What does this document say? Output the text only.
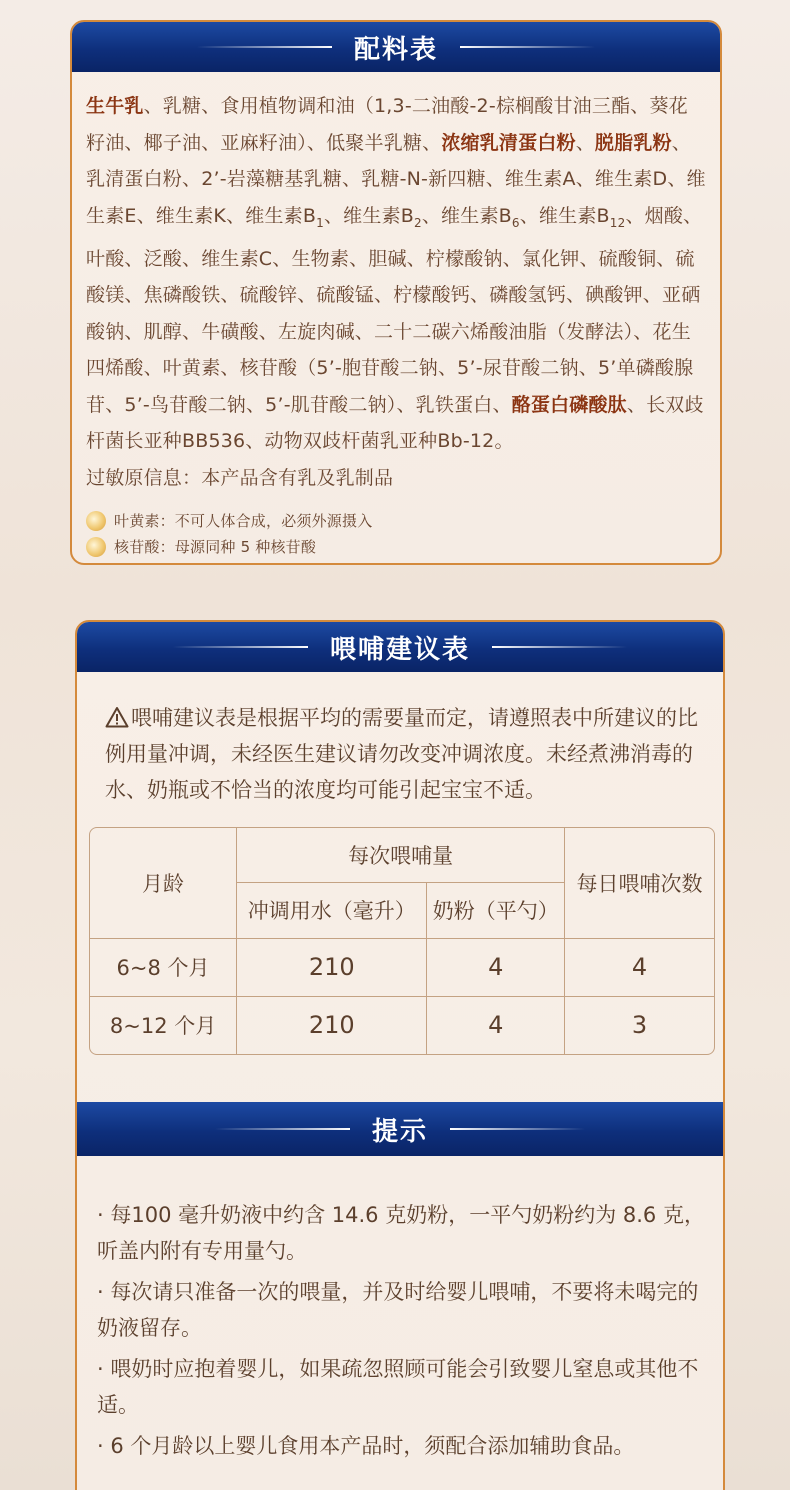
配料表

生牛乳、乳糖、食用植物调和油（1,3-二油酸-2-棕榈酸甘油三酯、葵花籽油、椰子油、亚麻籽油）、低聚半乳糖、浓缩乳清蛋白粉、脱脂乳粉、乳清蛋白粉、2’-岩藻糖基乳糖、乳糖-N-新四糖、维生素A、维生素D、维生素E、维生素K、维生素$B_1$、维生素$B_2$、维生素$B_6$、维生素$B_{12}$、烟酸、叶酸、泛酸、维生素C、生物素、胆碱、柠檬酸钠、氯化钾、硫酸铜、硫酸镁、焦磷酸铁、硫酸锌、硫酸锰、柠檬酸钙、磷酸氢钙、碘酸钾、亚硒酸钠、肌醇、牛磺酸、左旋肉碱、二十二碳六烯酸油脂（发酵法）、花生四烯酸、叶黄素、核苷酸（5’-胞苷酸二钠、5’-尿苷酸二钠、5’单磷酸腺苷、5’-鸟苷酸二钠、5’-肌苷酸二钠）、乳铁蛋白、酪蛋白磷酸肽、长双歧杆菌长亚种BB536、动物双歧杆菌乳亚种Bb-12。

过敏原信息：本产品含有乳及乳制品

叶黄素：不可人体合成，必须外源摄入
核苷酸：母源同种 5 种核苷酸
喂哺建议表

喂哺建议表是根据平均的需要量而定，请遵照表中所建议的比例用量冲调，未经医生建议请勿改变冲调浓度。未经煮沸消毒的水、奶瓶或不恰当的浓度均可能引起宝宝不适。

月龄	每次喂哺量		每日喂哺次数
	冲调用水（毫升）	奶粉（平勺）	
6~8 个月	210	4	4
8~12 个月	210	4	3
提示

· 每100 毫升奶液中约含 14.6 克奶粉，一平勺奶粉约为 8.6 克，听盖内附有专用量勺。

· 每次请只准备一次的喂量，并及时给婴儿喂哺，不要将未喝完的奶液留存。

· 喂奶时应抱着婴儿，如果疏忽照顾可能会引致婴儿窒息或其他不适。

· 6 个月龄以上婴儿食用本产品时，须配合添加辅助食品。
